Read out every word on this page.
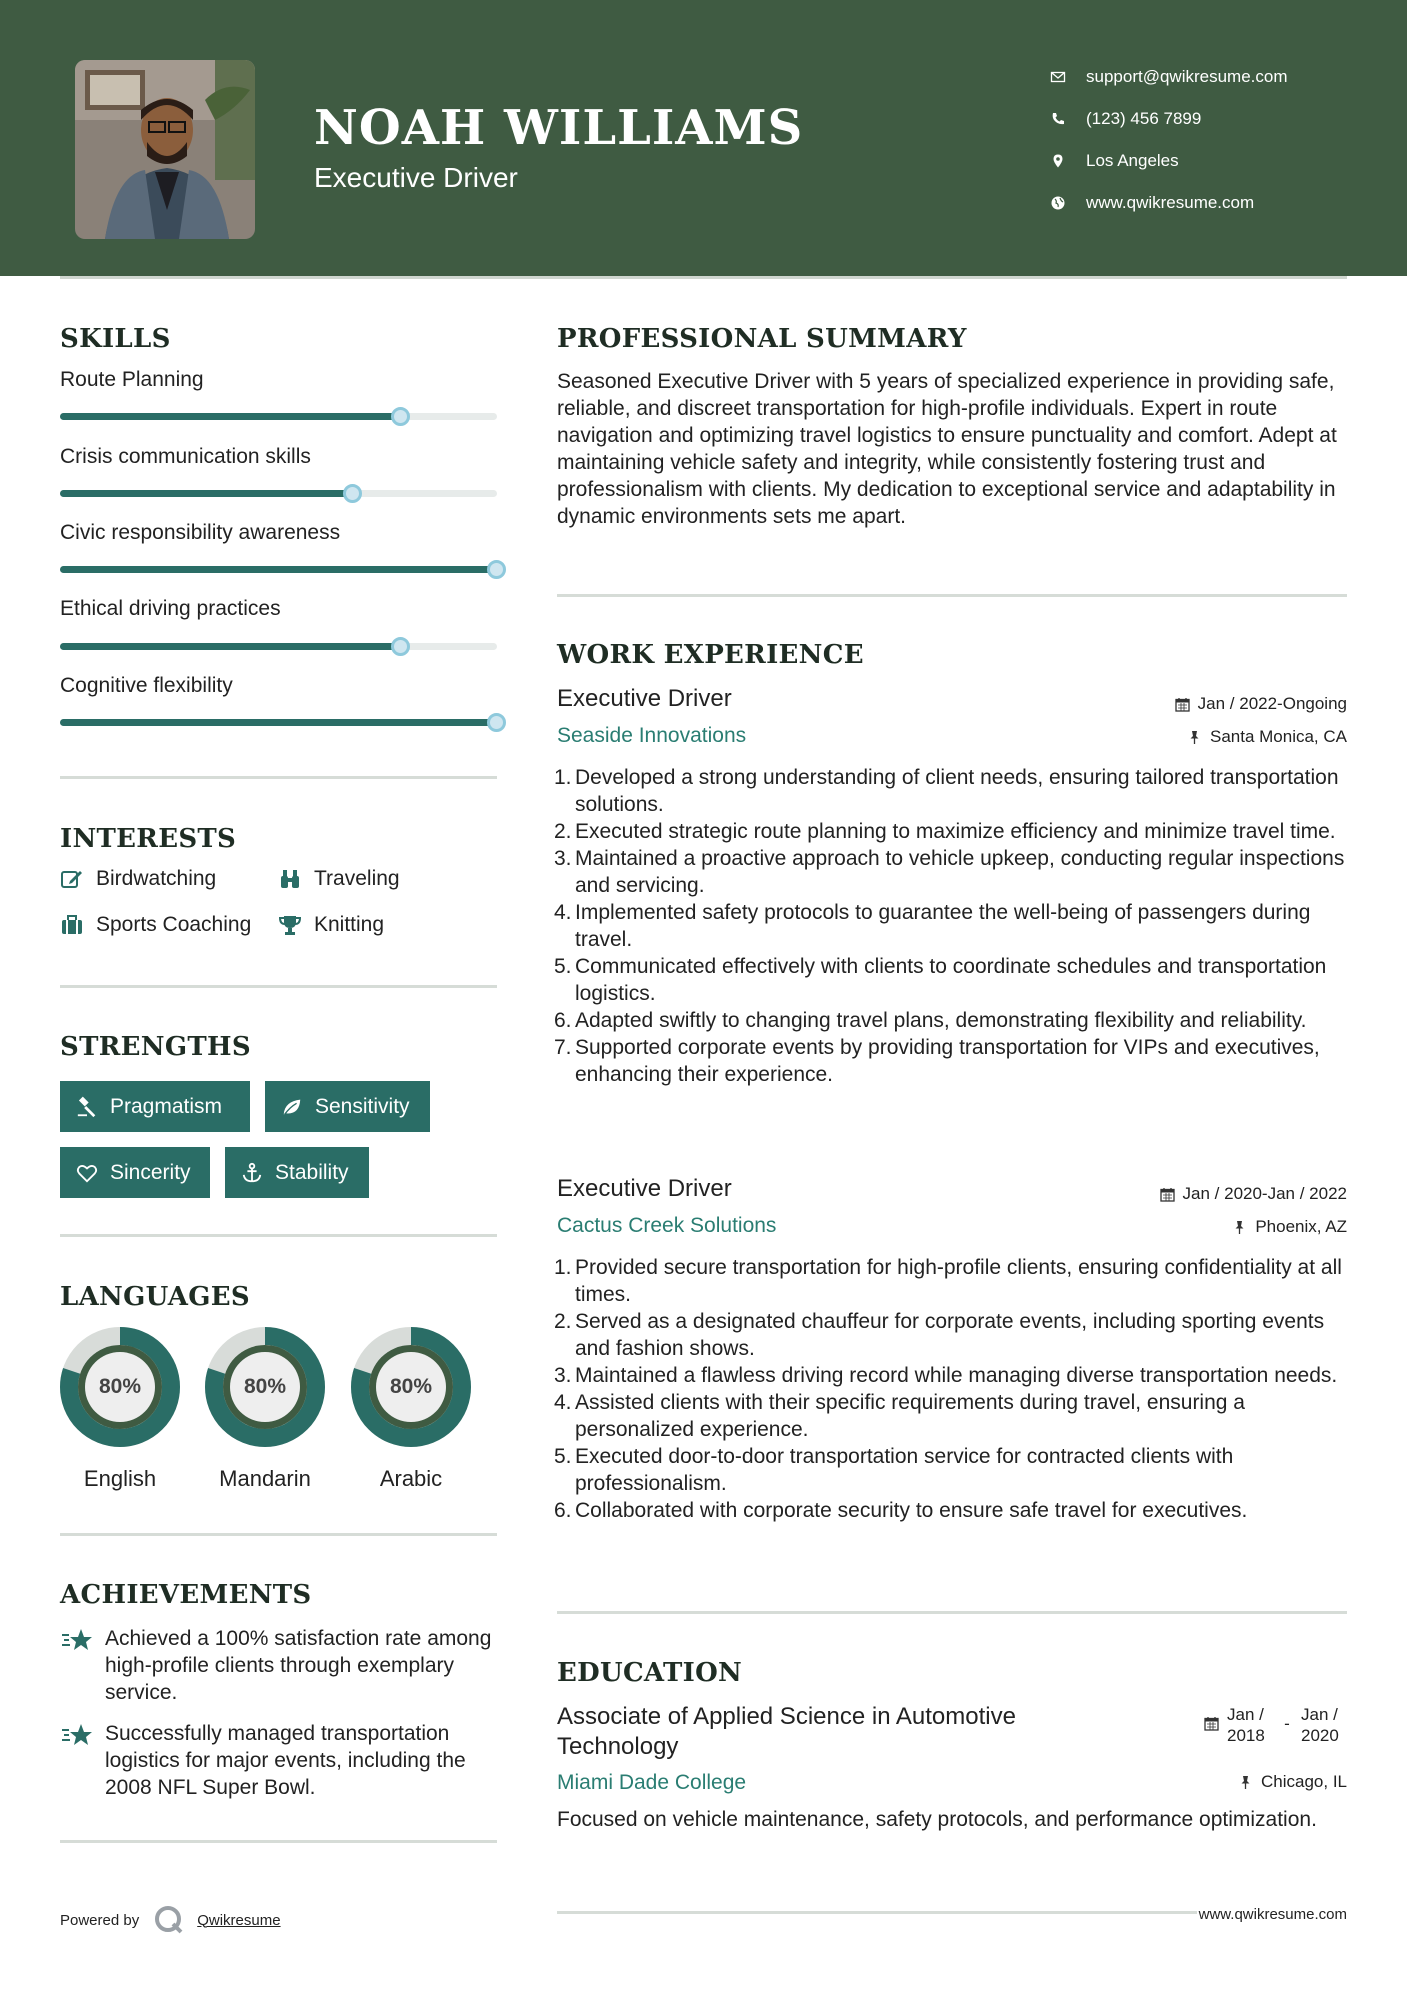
NOAH WILLIAMS
Executive Driver
support@qwikresume.com
(123) 456 7899
Los Angeles
www.qwikresume.com
SKILLS
Route Planning
Crisis communication skills
Civic responsibility awareness
Ethical driving practices
Cognitive flexibility
INTERESTS
Birdwatching	Traveling
Sports Coaching	Knitting
STRENGTHS
Pragmatism	Sensitivity
Sincerity	Stability
LANGUAGES
80%
English
80%
Mandarin
80%
Arabic
ACHIEVEMENTS

Achieved a 100% satisfaction rate among high-profile clients through exemplary service.

Successfully managed transportation logistics for major events, including the 2008 NFL Super Bowl.

PROFESSIONAL SUMMARY
Seasoned Executive Driver with 5 years of specialized experience in providing safe, reliable, and discreet transportation for high-profile individuals. Expert in route navigation and optimizing travel logistics to ensure punctuality and comfort. Adept at maintaining vehicle safety and integrity, while consistently fostering trust and professionalism with clients. My dedication to exceptional service and adaptability in dynamic environments sets me apart.
WORK EXPERIENCE
Executive Driver	Jan / 2022-Ongoing
Seaside Innovations	Santa Monica, CA
1. Developed a strong understanding of client needs, ensuring tailored transportation solutions.
2. Executed strategic route planning to maximize efficiency and minimize travel time.
3. Maintained a proactive approach to vehicle upkeep, conducting regular inspections and servicing.
4. Implemented safety protocols to guarantee the well-being of passengers during travel.
5. Communicated effectively with clients to coordinate schedules and transportation logistics.
6. Adapted swiftly to changing travel plans, demonstrating flexibility and reliability.
7. Supported corporate events by providing transportation for VIPs and executives, enhancing their experience.
Executive Driver	Jan / 2020-Jan / 2022
Cactus Creek Solutions	Phoenix, AZ
1. Provided secure transportation for high-profile clients, ensuring confidentiality at all times.
2. Served as a designated chauffeur for corporate events, including sporting events and fashion shows.
3. Maintained a flawless driving record while managing diverse transportation needs.
4. Assisted clients with their specific requirements during travel, ensuring a personalized experience.
5. Executed door-to-door transportation service for contracted clients with professionalism.
6. Collaborated with corporate security to ensure safe travel for executives.
EDUCATION
Associate of Applied Science in Automotive Technology
Jan / 2018
- Jan / 2020
Miami Dade College	Chicago, IL
Focused on vehicle maintenance, safety protocols, and performance optimization.
Powered by	Qwikresume	www.qwikresume.com
